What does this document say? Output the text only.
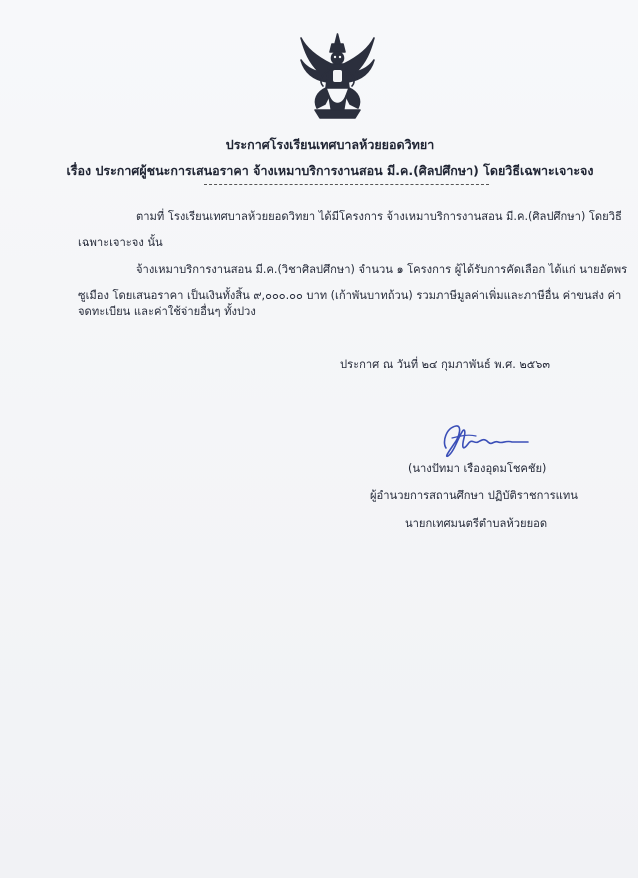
ประกาศโรงเรียนเทศบาลห้วยยอดวิทยา
เรื่อง ประกาศผู้ชนะการเสนอราคา จ้างเหมาบริการงานสอน มี.ค.(ศิลปศึกษา) โดยวิธีเฉพาะเจาะจง
ตามที่ โรงเรียนเทศบาลห้วยยอดวิทยา ได้มีโครงการ จ้างเหมาบริการงานสอน มี.ค.(ศิลปศึกษา) โดยวิธี
เฉพาะเจาะจง นั้น
จ้างเหมาบริการงานสอน มี.ค.(วิชาศิลปศึกษา) จำนวน ๑ โครงการ ผู้ได้รับการคัดเลือก ได้แก่ นายอัตพร
ซูเมือง โดยเสนอราคา เป็นเงินทั้งสิ้น ๙,๐๐๐.๐๐ บาท (เก้าพันบาทถ้วน) รวมภาษีมูลค่าเพิ่มและภาษีอื่น ค่าขนส่ง ค่า
จดทะเบียน และค่าใช้จ่ายอื่นๆ ทั้งปวง
ประกาศ ณ วันที่ ๒๔ กุมภาพันธ์ พ.ศ. ๒๕๖๓
(นางปัทมา เรืองอุดมโชคชัย)
ผู้อำนวยการสถานศึกษา ปฏิบัติราชการแทน
นายกเทศมนตรีตำบลห้วยยอด
